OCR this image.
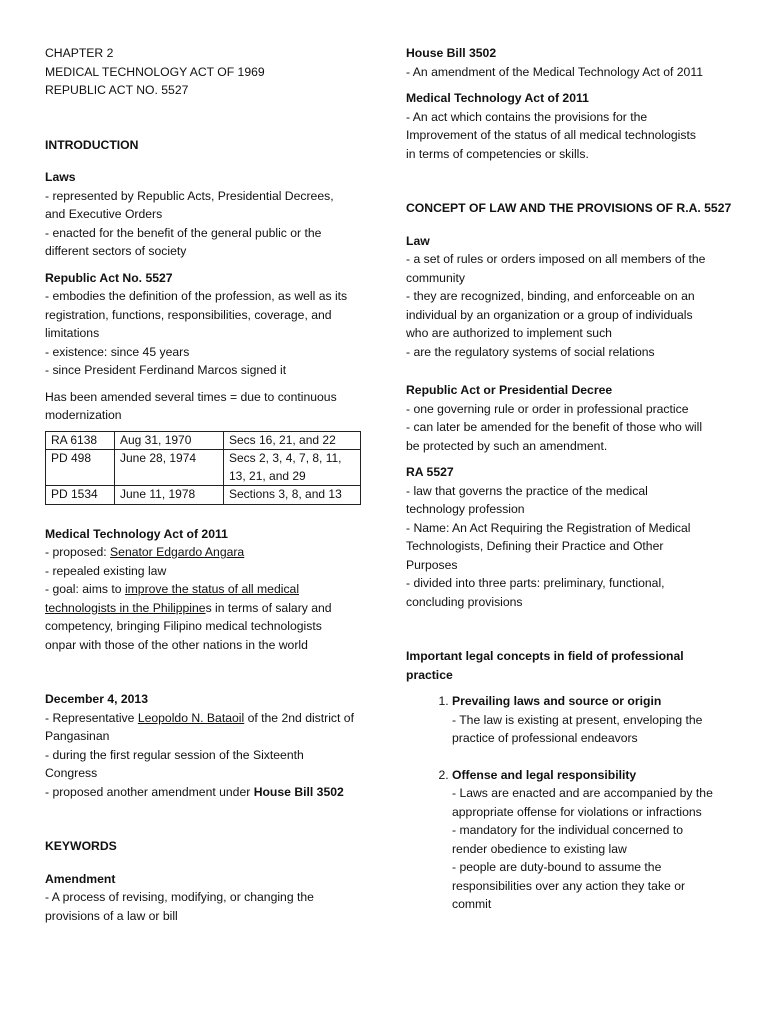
CHAPTER 2
MEDICAL TECHNOLOGY ACT OF 1969
REPUBLIC ACT NO. 5527
INTRODUCTION
Laws
- represented by Republic Acts, Presidential Decrees,
and Executive Orders
- enacted for the benefit of the general public or the
different sectors of society
Republic Act No. 5527
- embodies the definition of the profession, as well as its
registration, functions, responsibilities, coverage, and
limitations
- existence: since 45 years
- since President Ferdinand Marcos signed it
Has been amended several times = due to continuous
modernization
RA 6138	Aug 31, 1970	Secs 16, 21, and 22
PD 498	June 28, 1974	Secs 2, 3, 4, 7, 8, 11, 13, 21, and 29
PD 1534	June 11, 1978	Sections 3, 8, and 13
Medical Technology Act of 2011
- proposed: Senator Edgardo Angara
- repealed existing law
- goal: aims to improve the status of all medical
technologists in the Philippines in terms of salary and
competency, bringing Filipino medical technologists
onpar with those of the other nations in the world
December 4, 2013
- Representative Leopoldo N. Bataoil of the 2nd district of
Pangasinan
- during the first regular session of the Sixteenth
Congress
- proposed another amendment under House Bill 3502
KEYWORDS
Amendment
- A process of revising, modifying, or changing the
provisions of a law or bill
House Bill 3502
- An amendment of the Medical Technology Act of 2011
Medical Technology Act of 2011
- An act which contains the provisions for the
Improvement of the status of all medical technologists
in terms of competencies or skills.
CONCEPT OF LAW AND THE PROVISIONS OF R.A. 5527
Law
- a set of rules or orders imposed on all members of the
community
- they are recognized, binding, and enforceable on an
individual by an organization or a group of individuals
who are authorized to implement such
- are the regulatory systems of social relations
Republic Act or Presidential Decree
- one governing rule or order in professional practice
- can later be amended for the benefit of those who will
be protected by such an amendment.
RA 5527
- law that governs the practice of the medical
technology profession
- Name: An Act Requiring the Registration of Medical
Technologists, Defining their Practice and Other
Purposes
- divided into three parts: preliminary, functional,
concluding provisions
Important legal concepts in field of professional
practice
1. Prevailing laws and source or origin
- The law is existing at present, enveloping the
practice of professional endeavors
2. Offense and legal responsibility
- Laws are enacted and are accompanied by the
appropriate offense for violations or infractions
- mandatory for the individual concerned to
render obedience to existing law
- people are duty-bound to assume the
responsibilities over any action they take or
commit
